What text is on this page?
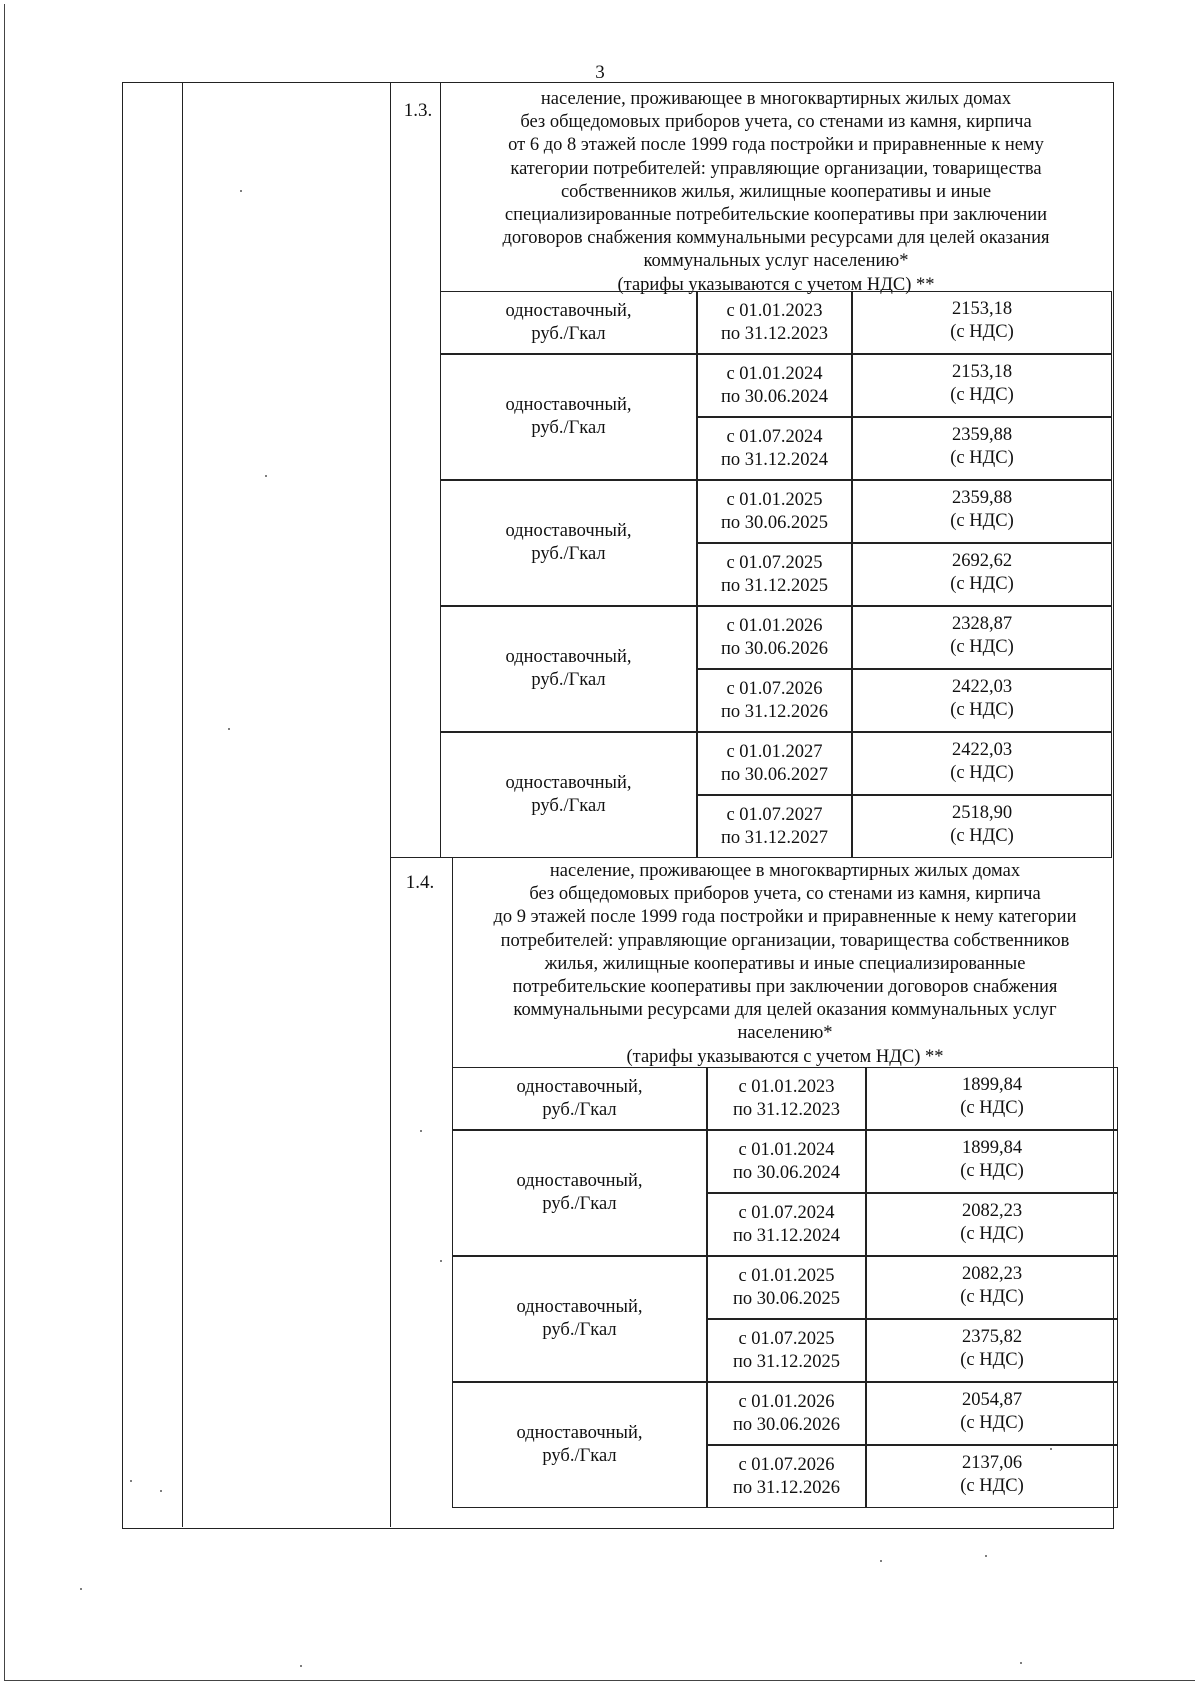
3
1.3.
население, проживающее в многоквартирных жилых домах
без общедомовых приборов учета, со стенами из камня, кирпича
от 6 до 8 этажей после 1999 года постройки и приравненные к нему
категории потребителей: управляющие организации, товарищества
собственников жилья, жилищные кооперативы и иные
специализированные потребительские кооперативы при заключении
договоров снабжения коммунальными ресурсами для целей оказания
коммунальных услуг населению*
(тарифы указываются с учетом НДС) **
одноставочный,
руб./Гкал
с 01.01.2023
по 31.12.2023
2153,18
(с НДС)
одноставочный,
руб./Гкал
с 01.01.2024
по 30.06.2024
2153,18
(с НДС)
с 01.07.2024
по 31.12.2024
2359,88
(с НДС)
одноставочный,
руб./Гкал
с 01.01.2025
по 30.06.2025
2359,88
(с НДС)
с 01.07.2025
по 31.12.2025
2692,62
(с НДС)
одноставочный,
руб./Гкал
с 01.01.2026
по 30.06.2026
2328,87
(с НДС)
с 01.07.2026
по 31.12.2026
2422,03
(с НДС)
одноставочный,
руб./Гкал
с 01.01.2027
по 30.06.2027
2422,03
(с НДС)
с 01.07.2027
по 31.12.2027
2518,90
(с НДС)
1.4.
население, проживающее в многоквартирных жилых домах
без общедомовых приборов учета, со стенами из камня, кирпича
до 9 этажей после 1999 года постройки и приравненные к нему категории
потребителей: управляющие организации, товарищества собственников
жилья, жилищные кооперативы и иные специализированные
потребительские кооперативы при заключении договоров снабжения
коммунальными ресурсами для целей оказания коммунальных услуг
населению*
(тарифы указываются с учетом НДС) **
одноставочный,
руб./Гкал
с 01.01.2023
по 31.12.2023
1899,84
(с НДС)
одноставочный,
руб./Гкал
с 01.01.2024
по 30.06.2024
1899,84
(с НДС)
с 01.07.2024
по 31.12.2024
2082,23
(с НДС)
одноставочный,
руб./Гкал
с 01.01.2025
по 30.06.2025
2082,23
(с НДС)
с 01.07.2025
по 31.12.2025
2375,82
(с НДС)
одноставочный,
руб./Гкал
с 01.01.2026
по 30.06.2026
2054,87
(с НДС)
с 01.07.2026
по 31.12.2026
2137,06
(с НДС)
